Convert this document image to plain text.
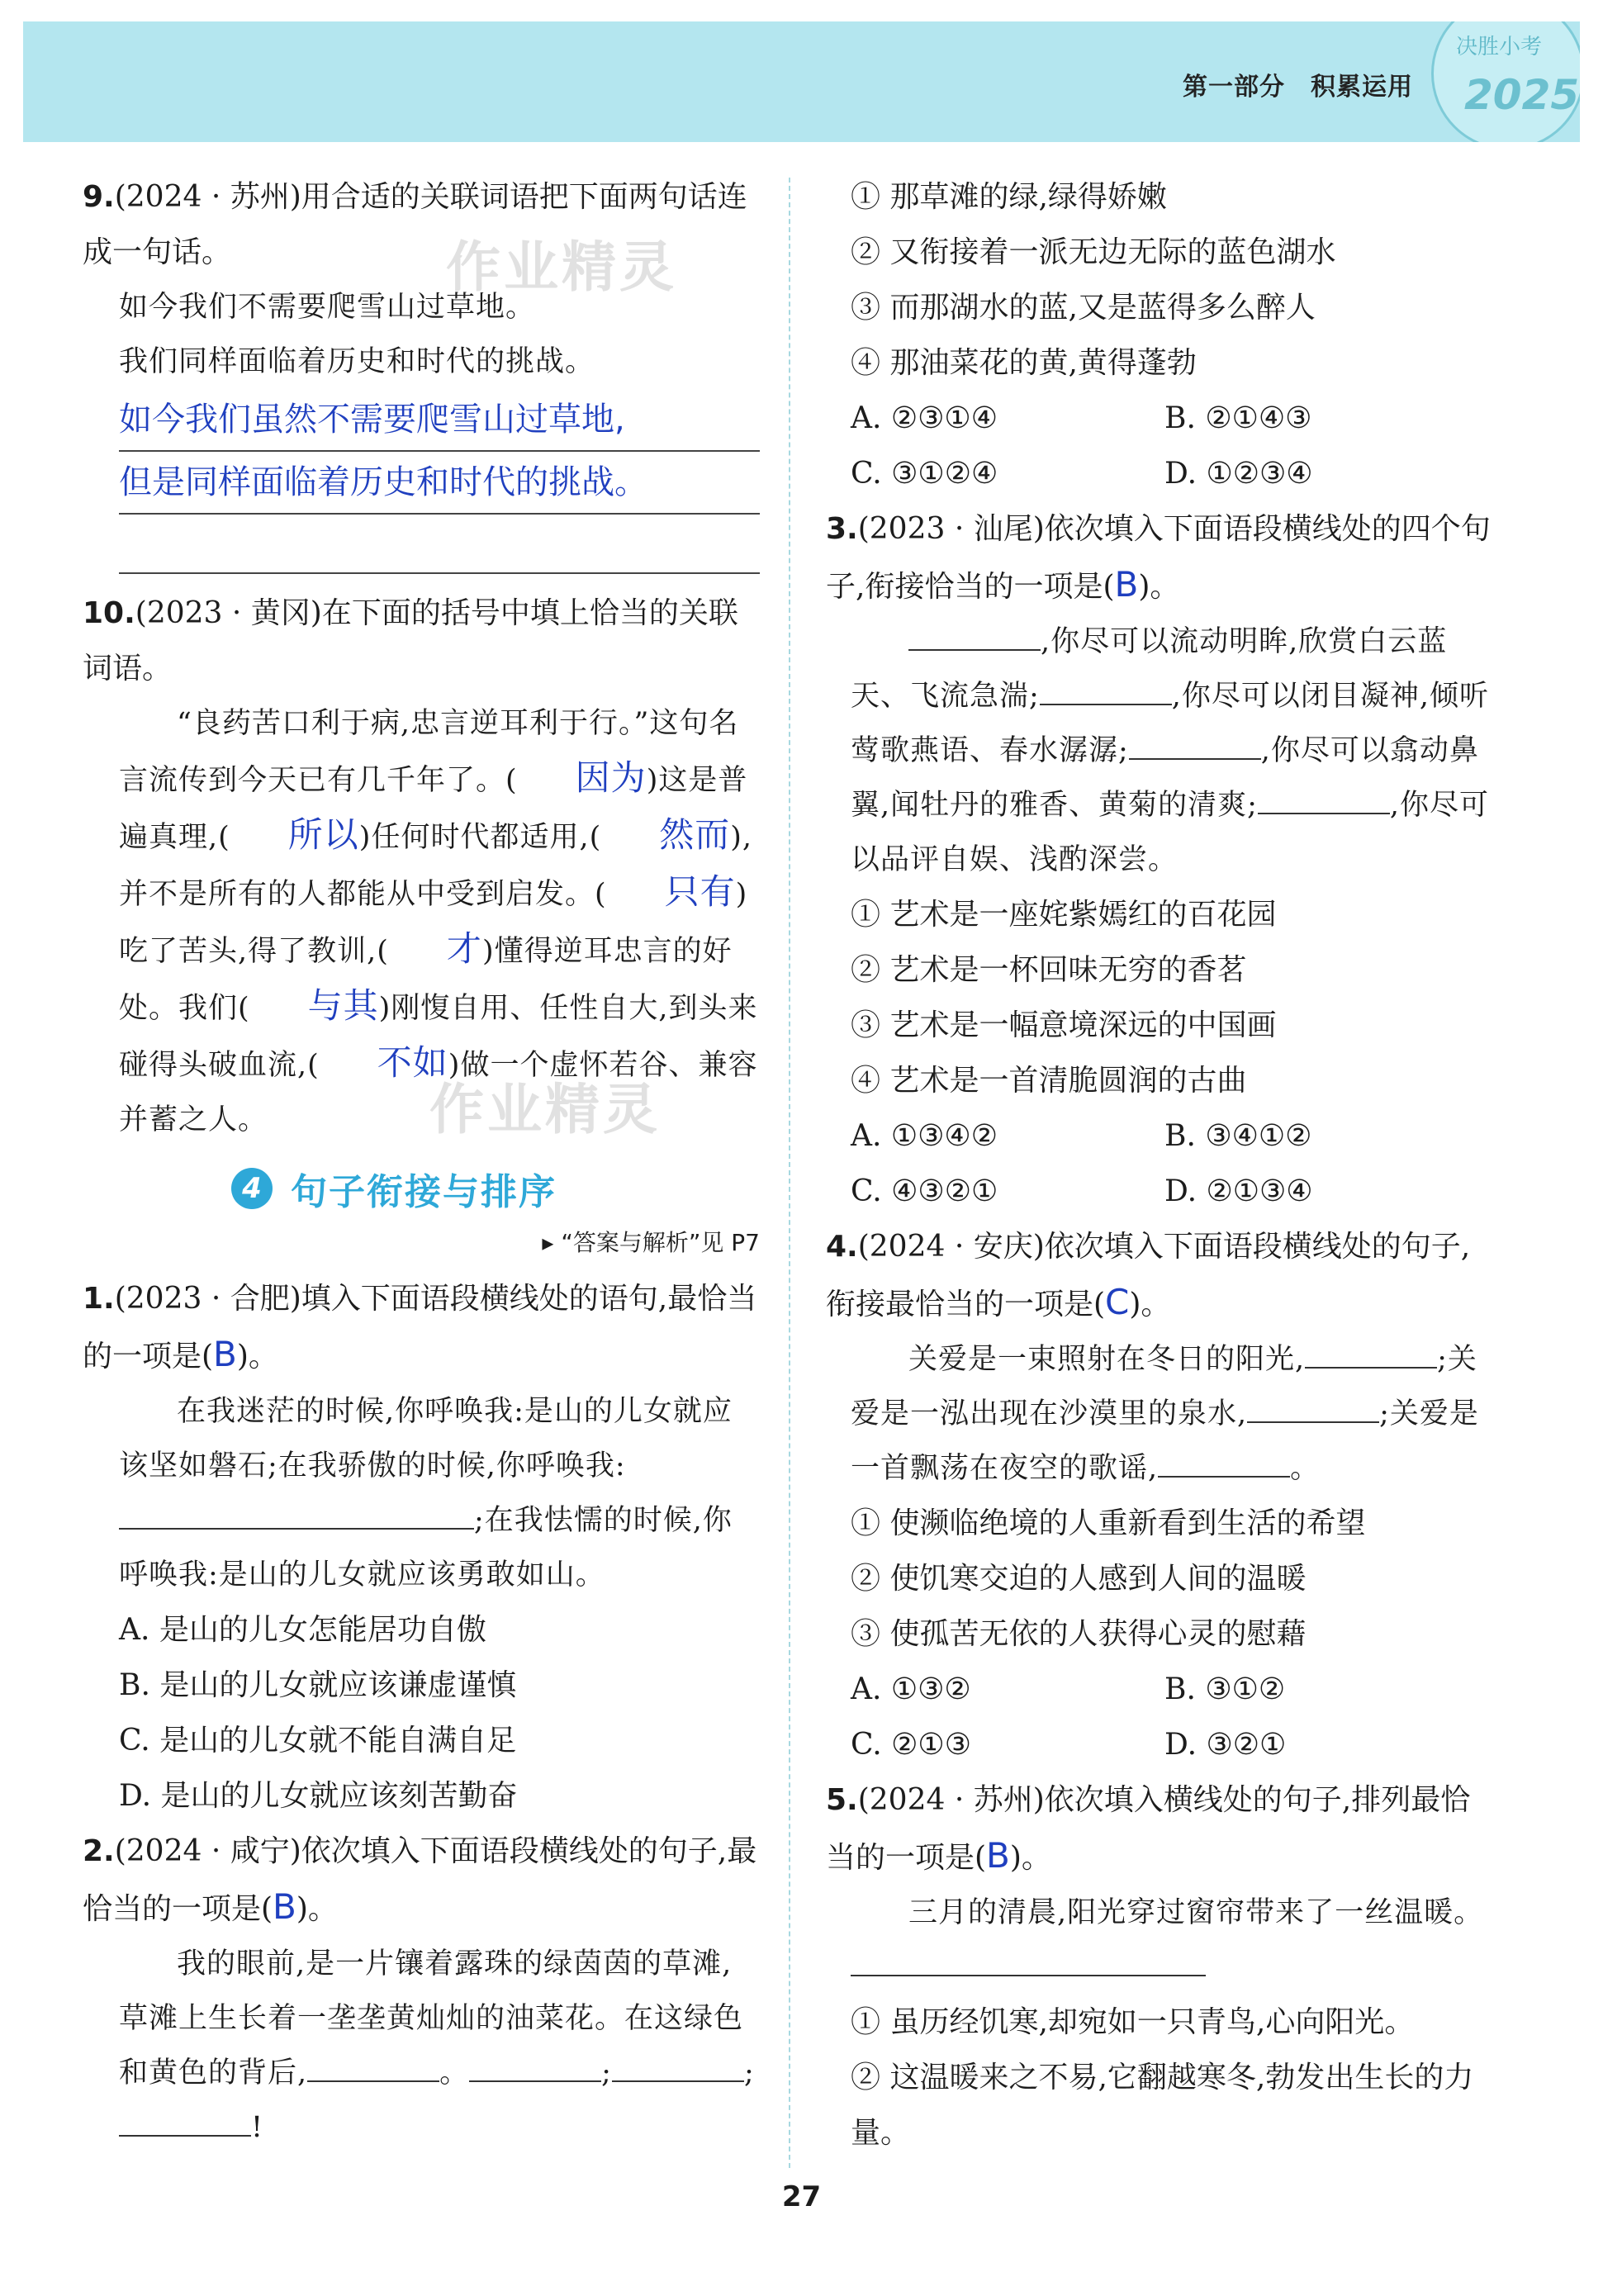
第一部分　积累运用
决胜小考
2025
作业精灵
作业精灵

9.(2024 · 苏州)用合适的关联词语把下面两句话连成一句话。

如今我们不需要爬雪山过草地。

我们同样面临着历史和时代的挑战。

如今我们虽然不需要爬雪山过草地,
但是同样面临着历史和时代的挑战。

10.(2023 · 黄冈)在下面的括号中填上恰当的关联词语。

“良药苦口利于病,忠言逆耳利于行。”这句名言流传到今天已有几千年了。( 因为)这是普遍真理,( 所以)任何时代都适用,( 然而),并不是所有的人都能从中受到启发。( 只有)吃了苦头,得了教训,( 才)懂得逆耳忠言的好处。我们( 与其)刚愎自用、任性自大,到头来碰得头破血流,( 不如)做一个虚怀若谷、兼容并蓄之人。

4 句子衔接与排序
▸ “答案与解析”见 P7

1.(2023 · 合肥)填入下面语段横线处的语句,最恰当的一项是(B)。

在我迷茫的时候,你呼唤我:是山的儿女就应该坚如磐石;在我骄傲的时候,你呼唤我:;在我怯懦的时候,你呼唤我:是山的儿女就应该勇敢如山。

A. 是山的儿女怎能居功自傲

B. 是山的儿女就应该谦虚谨慎

C. 是山的儿女就不能自满自足

D. 是山的儿女就应该刻苦勤奋

2.(2024 · 咸宁)依次填入下面语段横线处的句子,最恰当的一项是(B)。

我的眼前,是一片镶着露珠的绿茵茵的草滩,草滩上生长着一垄垄黄灿灿的油菜花。在这绿色和黄色的背后,	。	;	;!

① 那草滩的绿,绿得娇嫩

② 又衔接着一派无边无际的蓝色湖水

③ 而那湖水的蓝,又是蓝得多么醉人

④ 那油菜花的黄,黄得蓬勃

A. ②③①④	B. ②①④③
C. ③①②④	D. ①②③④

3.(2023 · 汕尾)依次填入下面语段横线处的四个句子,衔接恰当的一项是(B)。

,你尽可以流动明眸,欣赏白云蓝天、飞流急湍;	,你尽可以闭目凝神,倾听莺歌燕语、春水潺潺;	,你尽可以翕动鼻翼,闻牡丹的雅香、黄菊的清爽;	,你尽可以品评自娱、浅酌深尝。

① 艺术是一座姹紫嫣红的百花园

② 艺术是一杯回味无穷的香茗

③ 艺术是一幅意境深远的中国画

④ 艺术是一首清脆圆润的古曲

A. ①③④②	B. ③④①②
C. ④③②①	D. ②①③④

4.(2024 · 安庆)依次填入下面语段横线处的句子,衔接最恰当的一项是(C)。

关爱是一束照射在冬日的阳光,	;关爱是一泓出现在沙漠里的泉水,	;关爱是一首飘荡在夜空的歌谣,	。

① 使濒临绝境的人重新看到生活的希望

② 使饥寒交迫的人感到人间的温暖

③ 使孤苦无依的人获得心灵的慰藉

A. ①③②	B. ③①②
C. ②①③	D. ③②①

5.(2024 · 苏州)依次填入横线处的句子,排列最恰当的一项是(B)。

三月的清晨,阳光穿过窗帘带来了一丝温暖。

① 虽历经饥寒,却宛如一只青鸟,心向阳光。

② 这温暖来之不易,它翻越寒冬,勃发出生长的力量。

27
